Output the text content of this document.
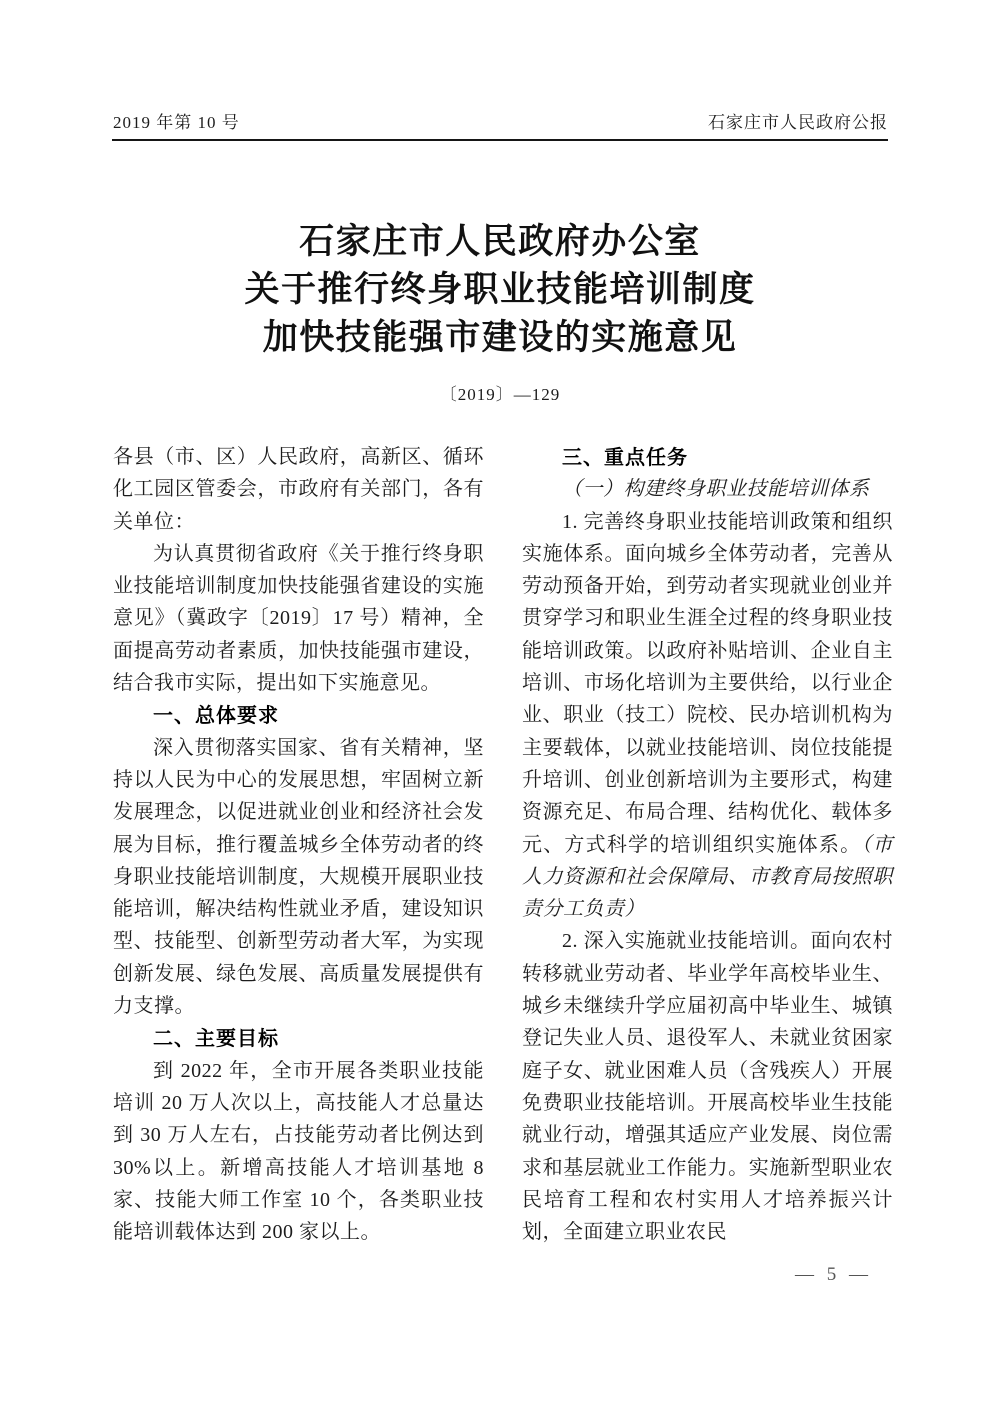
2019 年第 10 号	石家庄市人民政府公报
石家庄市人民政府办公室
关于推行终身职业技能培训制度
加快技能强市建设的实施意见
〔2019〕—129

各县（市、区）人民政府，高新区、循环化工园区管委会，市政府有关部门，各有关单位：

为认真贯彻省政府《关于推行终身职业技能培训制度加快技能强省建设的实施意见》（冀政字〔2019〕17 号）精神，全面提高劳动者素质，加快技能强市建设，结合我市实际，提出如下实施意见。

一、总体要求

深入贯彻落实国家、省有关精神，坚持以人民为中心的发展思想，牢固树立新发展理念，以促进就业创业和经济社会发展为目标，推行覆盖城乡全体劳动者的终身职业技能培训制度，大规模开展职业技能培训，解决结构性就业矛盾，建设知识型、技能型、创新型劳动者大军，为实现创新发展、绿色发展、高质量发展提供有力支撑。

二、主要目标

到 2022 年，全市开展各类职业技能培训 20 万人次以上，高技能人才总量达到 30 万人左右，占技能劳动者比例达到 30%以上。新增高技能人才培训基地 8 家、技能大师工作室 10 个，各类职业技能培训载体达到 200 家以上。

三、重点任务

（一）构建终身职业技能培训体系

1. 完善终身职业技能培训政策和组织实施体系。面向城乡全体劳动者，完善从劳动预备开始，到劳动者实现就业创业并贯穿学习和职业生涯全过程的终身职业技能培训政策。以政府补贴培训、企业自主培训、市场化培训为主要供给，以行业企业、职业（技工）院校、民办培训机构为主要载体，以就业技能培训、岗位技能提升培训、创业创新培训为主要形式，构建资源充足、布局合理、结构优化、载体多元、方式科学的培训组织实施体系。（市人力资源和社会保障局、市教育局按照职责分工负责）

2. 深入实施就业技能培训。面向农村转移就业劳动者、毕业学年高校毕业生、城乡未继续升学应届初高中毕业生、城镇登记失业人员、退役军人、未就业贫困家庭子女、就业困难人员（含残疾人）开展免费职业技能培训。开展高校毕业生技能就业行动，增强其适应产业发展、岗位需求和基层就业工作能力。实施新型职业农民培育工程和农村实用人才培养振兴计划，全面建立职业农民

— 5 —
